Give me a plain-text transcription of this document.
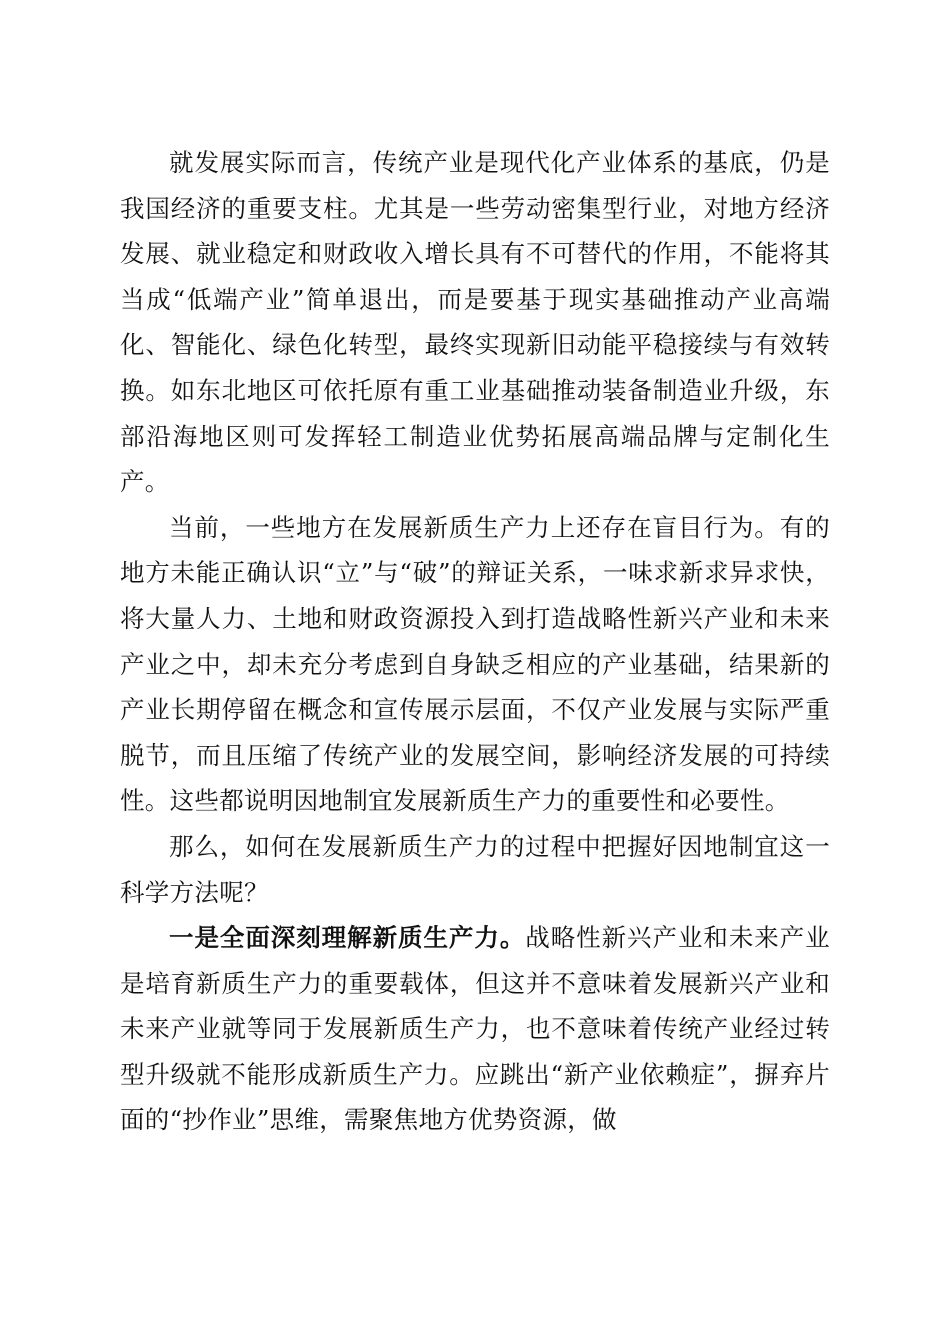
就发展实际而言，传统产业是现代化产业体系的基底，仍是我国经济的重要支柱。尤其是一些劳动密集型行业，对地方经济发展、就业稳定和财政收入增长具有不可替代的作用，不能将其当成“低端产业”简单退出，而是要基于现实基础推动产业高端化、智能化、绿色化转型，最终实现新旧动能平稳接续与有效转换。如东北地区可依托原有重工业基础推动装备制造业升级，东部沿海地区则可发挥轻工制造业优势拓展高端品牌与定制化生产。

当前，一些地方在发展新质生产力上还存在盲目行为。有的地方未能正确认识“立”与“破”的辩证关系，一味求新求异求快，将大量人力、土地和财政资源投入到打造战略性新兴产业和未来产业之中，却未充分考虑到自身缺乏相应的产业基础，结果新的产业长期停留在概念和宣传展示层面，不仅产业发展与实际严重脱节，而且压缩了传统产业的发展空间，影响经济发展的可持续性。这些都说明因地制宜发展新质生产力的重要性和必要性。

那么，如何在发展新质生产力的过程中把握好因地制宜这一科学方法呢？

一是全面深刻理解新质生产力。战略性新兴产业和未来产业是培育新质生产力的重要载体，但这并不意味着发展新兴产业和未来产业就等同于发展新质生产力，也不意味着传统产业经过转型升级就不能形成新质生产力。应跳出“新产业依赖症”，摒弃片面的“抄作业”思维，需聚焦地方优势资源，做
